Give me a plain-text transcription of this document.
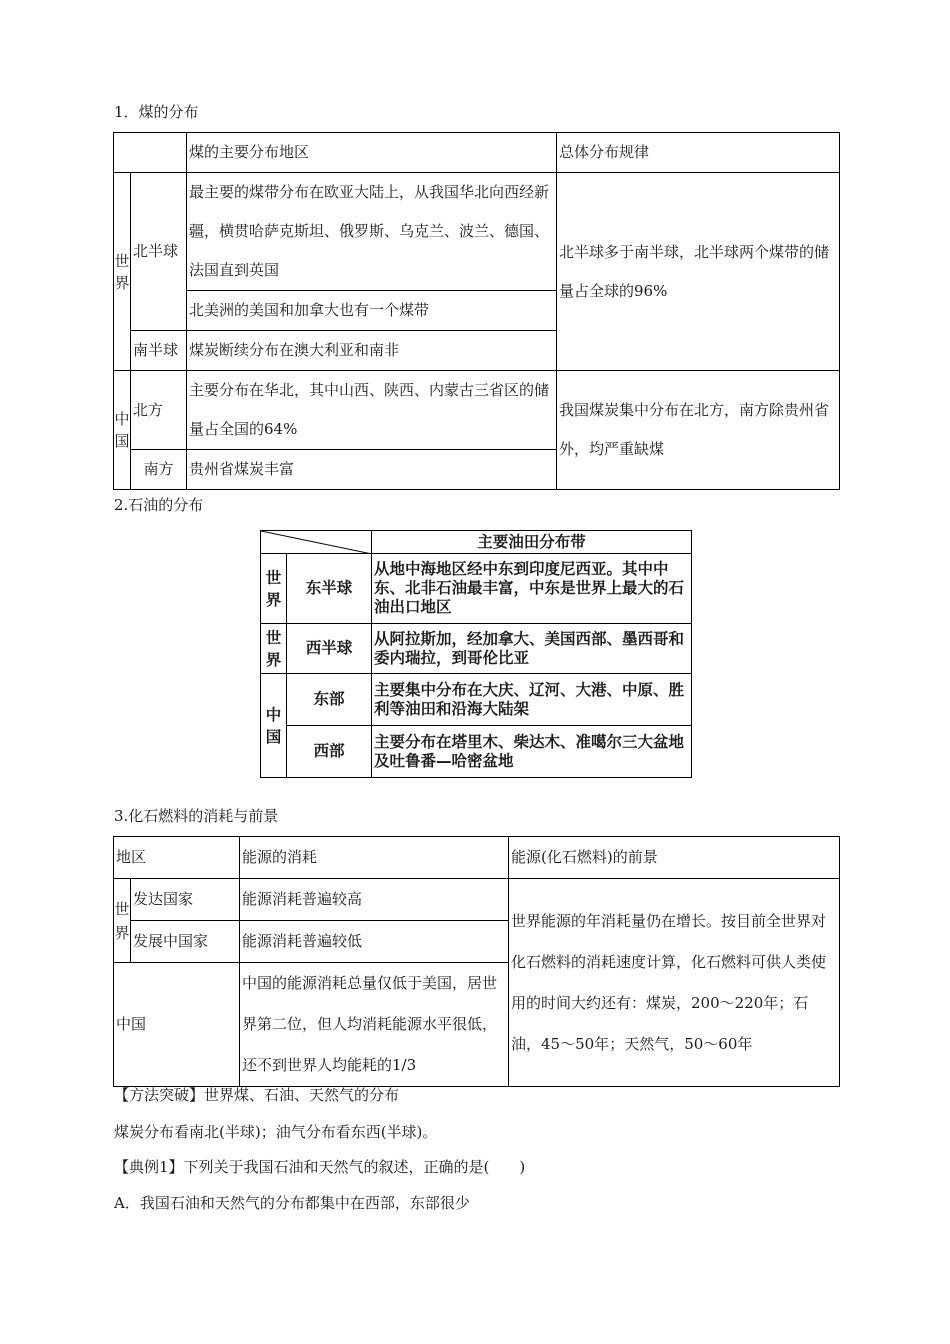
1．煤的分布
		煤的主要分布地区	总体分布规律

世界	北半球	最主要的煤带分布在欧亚大陆上，从我国华北向西经新疆，横贯哈萨克斯坦、俄罗斯、乌克兰、波兰、德国、法国直到英国	北半球多于南半球，北半球两个煤带的储量占全球的96%
		北美洲的美国和加拿大也有一个煤带	
	南半球	煤炭断续分布在澳大利亚和南非	

中国	北方	主要分布在华北，其中山西、陕西、内蒙古三省区的储量占全国的64%	我国煤炭集中分布在北方，南方除贵州省外，均严重缺煤
	南方	贵州省煤炭丰富	
2.石油的分布
	主要油田分布带

世界	东半球	从地中海地区经中东到印度尼西亚。其中中东、北非石油最丰富，中东是世界上最大的石油出口地区

世界	西半球	从阿拉斯加，经加拿大、美国西部、墨西哥和委内瑞拉，到哥伦比亚

中国	东部	主要集中分布在大庆、辽河、大港、中原、胜利等油田和沿海大陆架
	西部	主要分布在塔里木、柴达木、准噶尔三大盆地及吐鲁番—哈密盆地
3.化石燃料的消耗与前景
地区		能源的消耗	能源(化石燃料)的前景

世界	发达国家	能源消耗普遍较高	世界能源的年消耗量仍在增长。按目前全世界对化石燃料的消耗速度计算，化石燃料可供人类使用的时间大约还有：煤炭，200～220年；石油，45～50年；天然气，50～60年
	发展中国家	能源消耗普遍较低	
中国		中国的能源消耗总量仅低于美国，居世界第二位，但人均消耗能源水平很低，还不到世界人均能耗的1/3	
【方法突破】世界煤、石油、天然气的分布
煤炭分布看南北(半球)；油气分布看东西(半球)。
【典例1】下列关于我国石油和天然气的叙述，正确的是(　　)
A．我国石油和天然气的分布都集中在西部，东部很少
